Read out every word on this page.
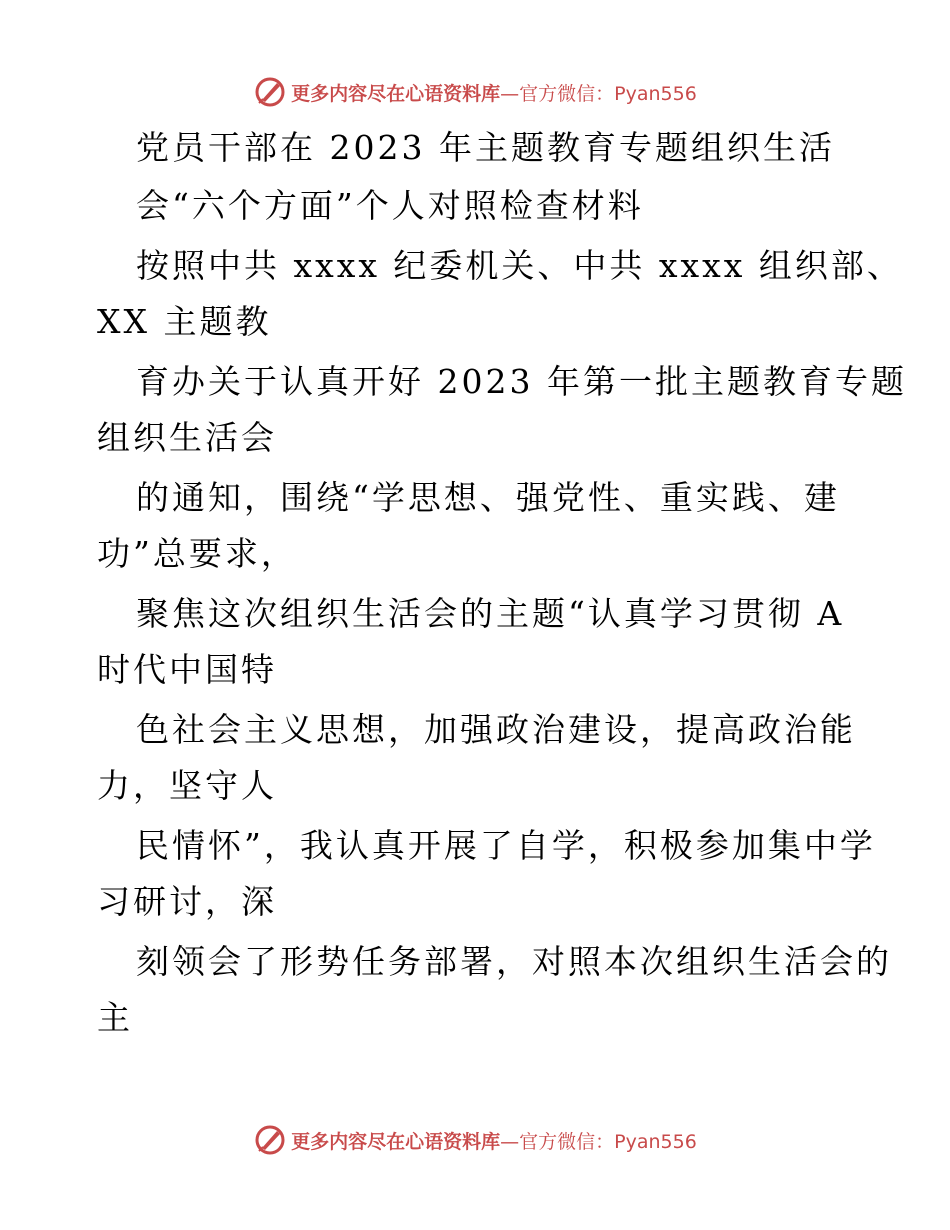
更多内容尽在心语资料库—官方微信：Pyan556
党员干部在 2023 年主题教育专题组织生活
会“六个方面”个人对照检查材料
按照中共 xxxx 纪委机关、中共 xxxx 组织部、
XX 主题教
育办关于认真开好 2023 年第一批主题教育专题
组织生活会
的通知，围绕“学思想、强党性、重实践、建
功”总要求，
聚焦这次组织生活会的主题“认真学习贯彻 A
时代中国特
色社会主义思想，加强政治建设，提高政治能
力，坚守人
民情怀”，我认真开展了自学，积极参加集中学
习研讨，深
刻领会了形势任务部署，对照本次组织生活会的
主
更多内容尽在心语资料库—官方微信：Pyan556
